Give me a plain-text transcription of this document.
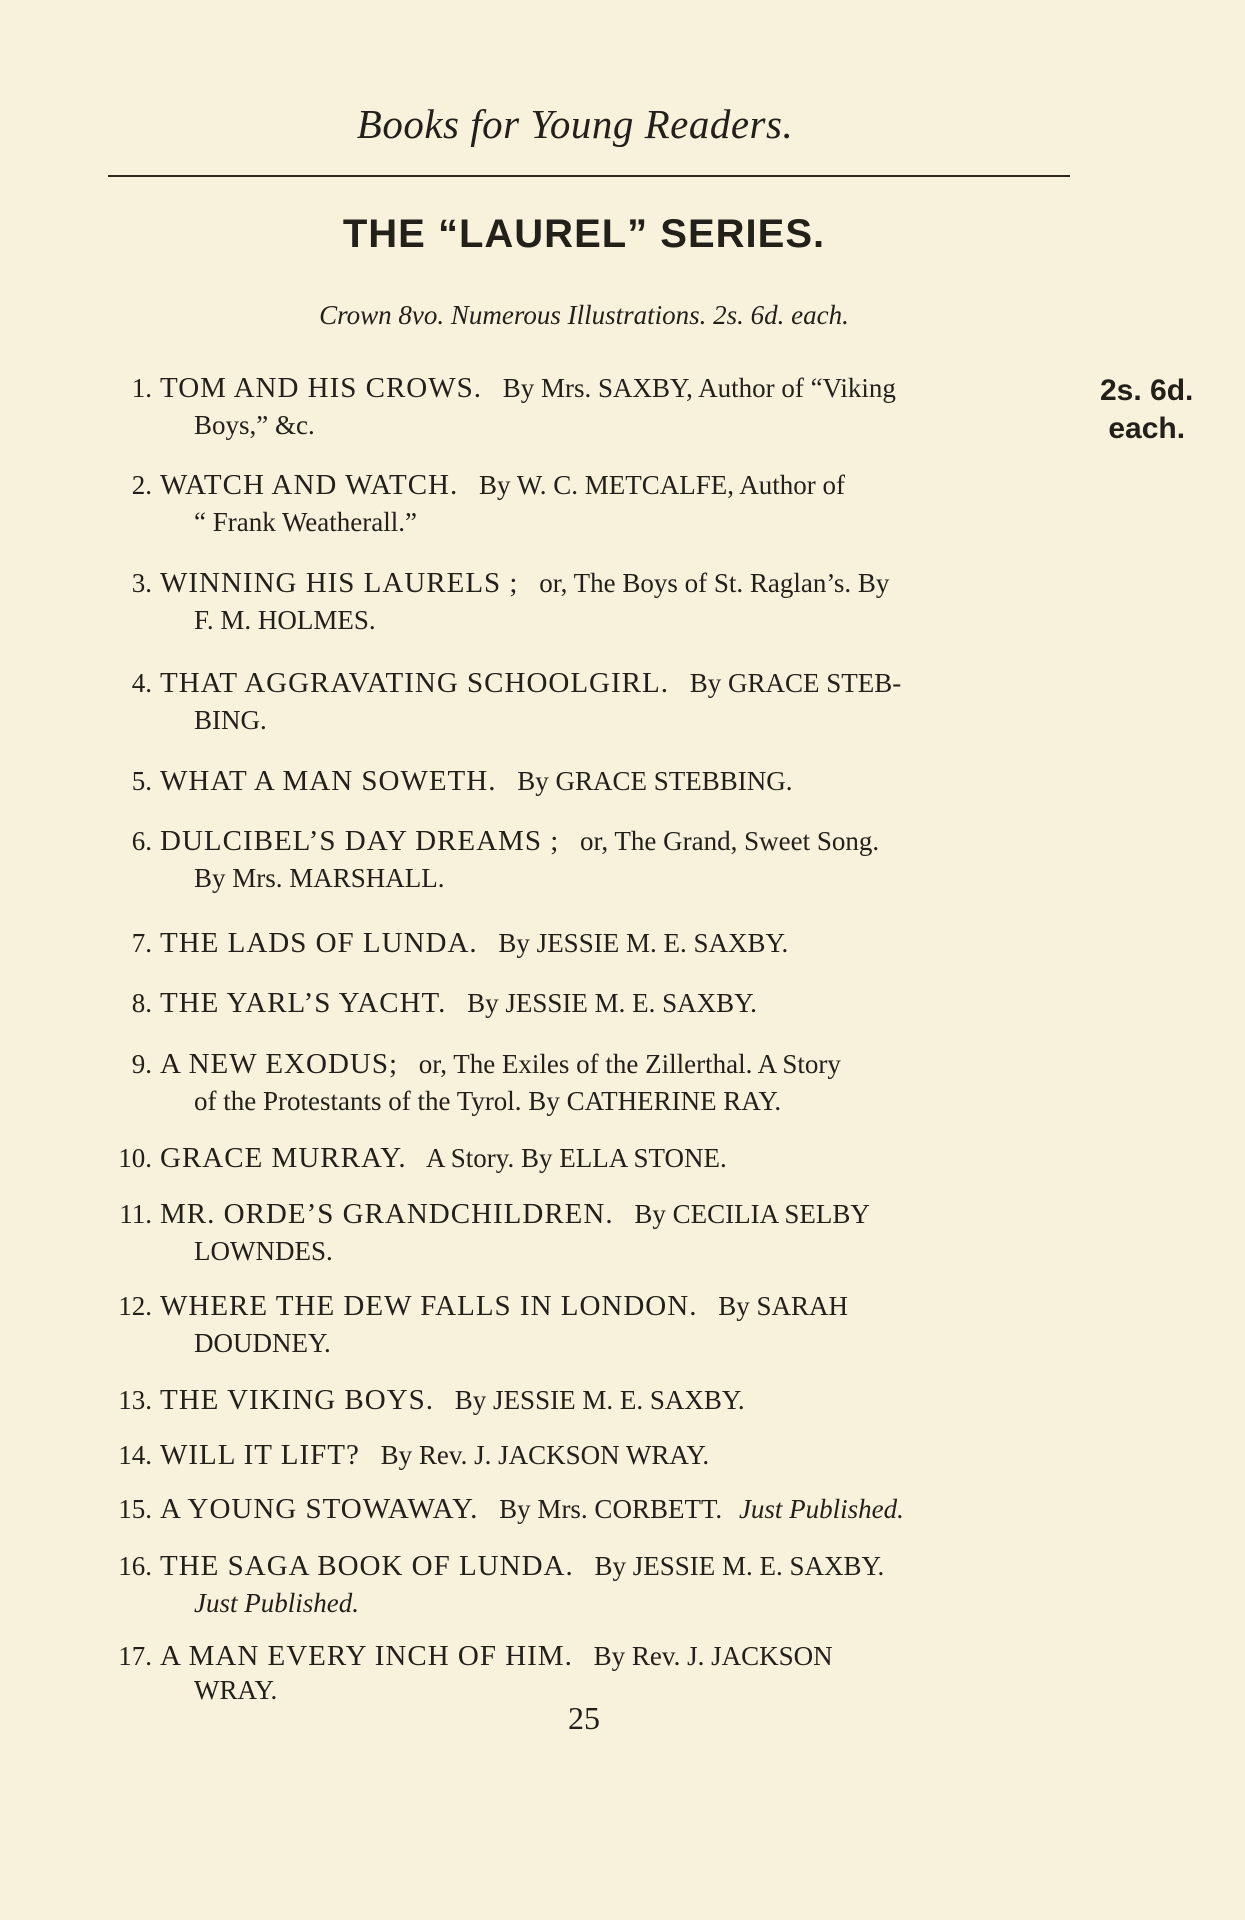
Books for Young Readers.
THE “LAUREL” SERIES.
Crown 8vo. Numerous Illustrations. 2s. 6d. each.
2s. 6d.
each.
1. TOM AND HIS CROWS. By Mrs. SAXBY, Author of “Viking
Boys,” &c.
2. WATCH AND WATCH. By W. C. METCALFE, Author of
“ Frank Weatherall.”
3. WINNING HIS LAURELS ; or, The Boys of St. Raglan’s. By
F. M. HOLMES.
4. THAT AGGRAVATING SCHOOLGIRL. By GRACE STEB-
BING.
5. WHAT A MAN SOWETH. By GRACE STEBBING.
6. DULCIBEL’S DAY DREAMS ; or, The Grand, Sweet Song.
By Mrs. MARSHALL.
7. THE LADS OF LUNDA. By JESSIE M. E. SAXBY.
8. THE YARL’S YACHT. By JESSIE M. E. SAXBY.
9. A NEW EXODUS; or, The Exiles of the Zillerthal. A Story
of the Protestants of the Tyrol. By CATHERINE RAY.
10. GRACE MURRAY. A Story. By ELLA STONE.
11. MR. ORDE’S GRANDCHILDREN. By CECILIA SELBY
LOWNDES.
12. WHERE THE DEW FALLS IN LONDON. By SARAH
DOUDNEY.
13. THE VIKING BOYS. By JESSIE M. E. SAXBY.
14. WILL IT LIFT? By Rev. J. JACKSON WRAY.
15. A YOUNG STOWAWAY. By Mrs. CORBETT. Just Published.
16. THE SAGA BOOK OF LUNDA. By JESSIE M. E. SAXBY.
Just Published.
17. A MAN EVERY INCH OF HIM. By Rev. J. JACKSON
WRAY.
25
